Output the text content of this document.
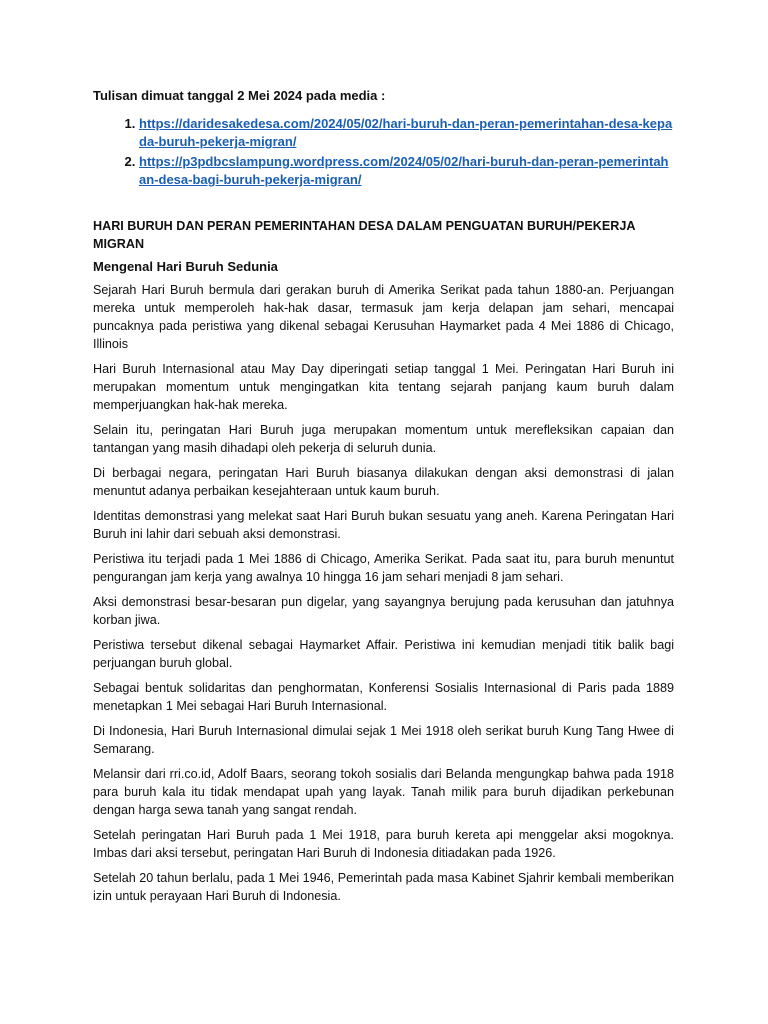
Tulisan dimuat tanggal 2 Mei 2024 pada media :
1. https://daridesakedesa.com/2024/05/02/hari-buruh-dan-peran-pemerintahan-desa-kepada-buruh-pekerja-migran/
2. https://p3pdbcslampung.wordpress.com/2024/05/02/hari-buruh-dan-peran-pemerintahan-desa-bagi-buruh-pekerja-migran/
HARI BURUH DAN PERAN PEMERINTAHAN DESA DALAM PENGUATAN BURUH/PEKERJA MIGRAN
Mengenal Hari Buruh Sedunia

Sejarah Hari Buruh bermula dari gerakan buruh di Amerika Serikat pada tahun 1880-an. Perjuangan mereka untuk memperoleh hak-hak dasar, termasuk jam kerja delapan jam sehari, mencapai puncaknya pada peristiwa yang dikenal sebagai Kerusuhan Haymarket pada 4 Mei 1886 di Chicago, Illinois

Hari Buruh Internasional atau May Day diperingati setiap tanggal 1 Mei. Peringatan Hari Buruh ini merupakan momentum untuk mengingatkan kita tentang sejarah panjang kaum buruh dalam memperjuangkan hak-hak mereka.

Selain itu, peringatan Hari Buruh juga merupakan momentum untuk merefleksikan capaian dan tantangan yang masih dihadapi oleh pekerja di seluruh dunia.

Di berbagai negara, peringatan Hari Buruh biasanya dilakukan dengan aksi demonstrasi di jalan menuntut adanya perbaikan kesejahteraan untuk kaum buruh.

Identitas demonstrasi yang melekat saat Hari Buruh bukan sesuatu yang aneh. Karena Peringatan Hari Buruh ini lahir dari sebuah aksi demonstrasi.

Peristiwa itu terjadi pada 1 Mei 1886 di Chicago, Amerika Serikat. Pada saat itu, para buruh menuntut pengurangan jam kerja yang awalnya 10 hingga 16 jam sehari menjadi 8 jam sehari.

Aksi demonstrasi besar-besaran pun digelar, yang sayangnya berujung pada kerusuhan dan jatuhnya korban jiwa.

Peristiwa tersebut dikenal sebagai Haymarket Affair. Peristiwa ini kemudian menjadi titik balik bagi perjuangan buruh global.

Sebagai bentuk solidaritas dan penghormatan, Konferensi Sosialis Internasional di Paris pada 1889 menetapkan 1 Mei sebagai Hari Buruh Internasional.

Di Indonesia, Hari Buruh Internasional dimulai sejak 1 Mei 1918 oleh serikat buruh Kung Tang Hwee di Semarang.

Melansir dari rri.co.id, Adolf Baars, seorang tokoh sosialis dari Belanda mengungkap bahwa pada 1918 para buruh kala itu tidak mendapat upah yang layak. Tanah milik para buruh dijadikan perkebunan dengan harga sewa tanah yang sangat rendah.

Setelah peringatan Hari Buruh pada 1 Mei 1918, para buruh kereta api menggelar aksi mogoknya. Imbas dari aksi tersebut, peringatan Hari Buruh di Indonesia ditiadakan pada 1926.

Setelah 20 tahun berlalu, pada 1 Mei 1946, Pemerintah pada masa Kabinet Sjahrir kembali memberikan izin untuk perayaan Hari Buruh di Indonesia.
